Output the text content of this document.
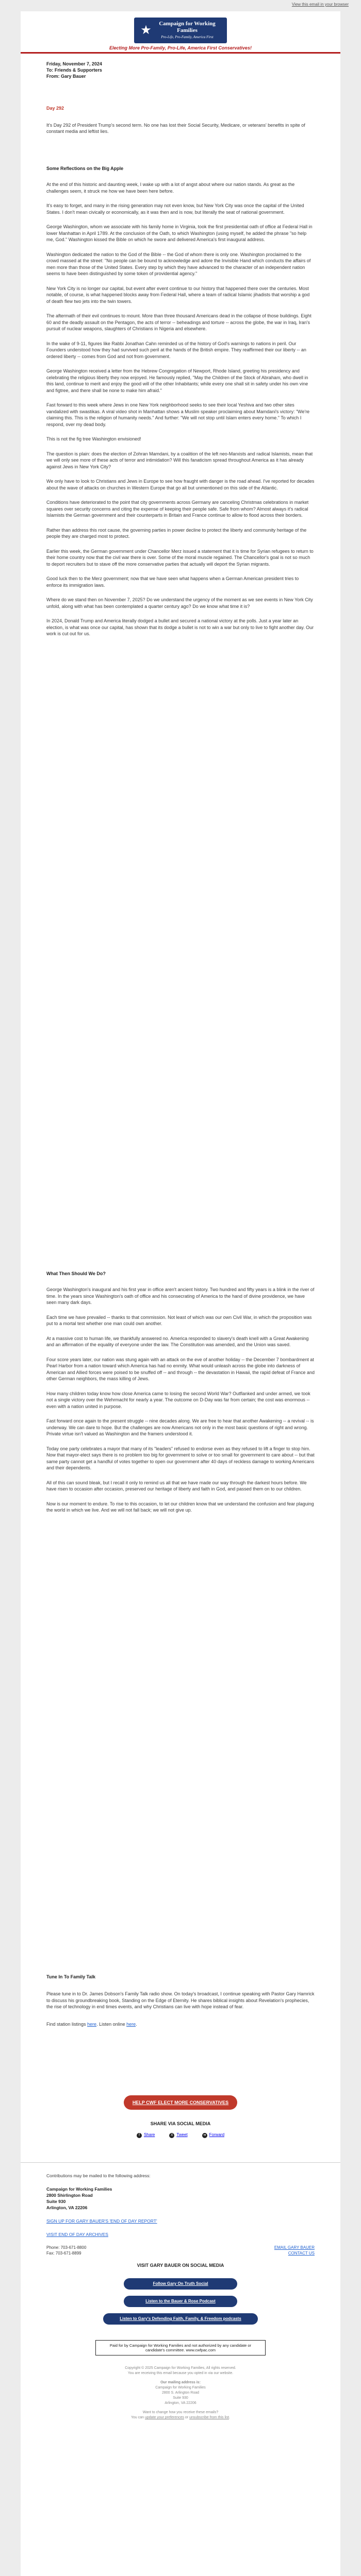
View this email in your browser
★	Campaign for Working Families
Pro-Life, Pro-Family, America First
Electing More Pro-Family, Pro-Life, America First Conservatives!

Friday, November 7, 2024

To: Friends & Supporters

From: Gary Bauer

Day 292

It's Day 292 of President Trump's second term. No one has lost their Social Security, Medicare, or veterans' benefits in spite of constant media and leftist lies.

Some Reflections on the Big Apple

At the end of this historic and daunting week, I wake up with a lot of angst about where our nation stands. As great as the challenges seem, it struck me how we have been here before.

It's easy to forget, and many in the rising generation may not even know, but New York City was once the capital of the United States. I don't mean civically or economically, as it was then and is now, but literally the seat of national government.

George Washington, whom we associate with his family home in Virginia, took the first presidential oath of office at Federal Hall in lower Manhattan in April 1789. At the conclusion of the Oath, to which Washington (using myself, he added the phrase "so help me, God." Washington kissed the Bible on which he swore and delivered America's first inaugural address.

Washington dedicated the nation to the God of the Bible -- the God of whom there is only one. Washington proclaimed to the crowd massed at the street: "No people can be bound to acknowledge and adore the Invisible Hand which conducts the affairs of men more than those of the United States. Every step by which they have advanced to the character of an independent nation seems to have been distinguished by some token of providential agency."

New York City is no longer our capital, but event after event continue to our history that happened there over the centuries. Most notable, of course, is what happened blocks away from Federal Hall, where a team of radical Islamic jihadists that worship a god of death flew two jets into the twin towers.

The aftermath of their evil continues to mount. More than three thousand Americans dead in the collapse of those buildings. Eight 60 and the deadly assault on the Pentagon, the acts of terror -- beheadings and torture -- across the globe, the war in Iraq, Iran's pursuit of nuclear weapons, slaughters of Christians in Nigeria and elsewhere.

In the wake of 9-11, figures like Rabbi Jonathan Cahn reminded us of the history of God's warnings to nations in peril. Our Founders understood how they had survived such peril at the hands of the British empire. They reaffirmed their our liberty -- an ordered liberty -- comes from God and not from government.

George Washington received a letter from the Hebrew Congregation of Newport, Rhode Island, greeting his presidency and celebrating the religious liberty they now enjoyed. He famously replied, "May the Children of the Stock of Abraham, who dwell in this land, continue to merit and enjoy the good will of the other Inhabitants; while every one shall sit in safety under his own vine and figtree, and there shall be none to make him afraid."

Fast forward to this week where Jews in one New York neighborhood seeks to see their local Yeshiva and two other sites vandalized with swastikas. A viral video shot in Manhattan shows a Muslim speaker proclaiming about Mamdani's victory: "We're claiming this. This is the religion of humanity needs." And further: "We will not stop until Islam enters every home." To which I respond, over my dead body.

This is not the fig tree Washington envisioned!

The question is plain: does the election of Zohran Mamdani, by a coalition of the left neo-Marxists and radical Islamists, mean that we will only see more of these acts of terror and intimidation? Will this fanaticism spread throughout America as it has already against Jews in New York City?

We only have to look to Christians and Jews in Europe to see how fraught with danger is the road ahead. I've reported for decades about the wave of attacks on churches in Western Europe that go all but unmentioned on this side of the Atlantic.

Conditions have deteriorated to the point that city governments across Germany are canceling Christmas celebrations in market squares over security concerns and citing the expense of keeping their people safe. Safe from whom? Almost always it's radical Islamists the German government and their counterparts in Britain and France continue to allow to flood across their borders.

Rather than address this root cause, the governing parties in power decline to protect the liberty and community heritage of the people they are charged most to protect.

Earlier this week, the German government under Chancellor Merz issued a statement that it is time for Syrian refugees to return to their home country now that the civil war there is over. Some of the moral muscle regained. The Chancellor's goal is not so much to deport recruiters but to stave off the more conservative parties that actually will deport the Syrian migrants.

Good luck then to the Merz government; now that we have seen what happens when a German American president tries to enforce its immigration laws.

Where do we stand then on November 7, 2025? Do we understand the urgency of the moment as we see events in New York City unfold, along with what has been contemplated a quarter century ago? Do we know what time it is?

In 2024, Donald Trump and America literally dodged a bullet and secured a national victory at the polls. Just a year later an election, is what was once our capital, has shown that its dodge a bullet is not to win a war but only to live to fight another day. Our work is cut out for us.

What Then Should We Do?

George Washington's inaugural and his first year in office aren't ancient history. Two hundred and fifty years is a blink in the river of time. In the years since Washington's oath of office and his consecrating of America to the hand of divine providence, we have seen many dark days.

Each time we have prevailed -- thanks to that commission. Not least of which was our own Civil War, in which the proposition was put to a mortal test whether one man could own another.

At a massive cost to human life, we thankfully answered no. America responded to slavery's death knell with a Great Awakening and an affirmation of the equality of everyone under the law. The Constitution was amended, and the Union was saved.

Four score years later, our nation was stung again with an attack on the eve of another holiday -- the December 7 bombardment at Pearl Harbor from a nation toward which America has had no enmity. What would unleash across the globe into darkness of American and Allied forces were poised to be snuffed off -- and through -- the devastation in Hawaii, the rapid defeat of France and other German neighbors, the mass killing of Jews.

How many children today know how close America came to losing the second World War? Outflanked and under armed, we took not a single victory over the Wehrmacht for nearly a year. The outcome on D-Day was far from certain; the cost was enormous -- even with a nation united in purpose.

Fast forward once again to the present struggle -- nine decades along. We are free to hear that another Awakening -- a revival -- is underway. We can dare to hope. But the challenges are now Americans not only in the most basic questions of right and wrong. Private virtue isn't valued as Washington and the framers understood it.

Today one party celebrates a mayor that many of its "leaders" refused to endorse even as they refused to lift a finger to stop him. Now that mayor-elect says there is no problem too big for government to solve or too small for government to care about -- but that same party cannot get a handful of votes together to open our government after 40 days of reckless damage to working Americans and their dependents.

All of this can sound bleak, but I recall it only to remind us all that we have made our way through the darkest hours before. We have risen to occasion after occasion, preserved our heritage of liberty and faith in God, and passed them on to our children.

Now is our moment to endure. To rise to this occasion, to let our children know that we understand the confusion and fear plaguing the world in which we live. And we will not fall back; we will not give up.

Tune In To Family Talk

Please tune in to Dr. James Dobson's Family Talk radio show. On today's broadcast, I continue speaking with Pastor Gary Hamrick to discuss his groundbreaking book, Standing on the Edge of Eternity. He shares biblical insights about Revelation's prophecies, the rise of technology in end times events, and why Christians can live with hope instead of fear.

Find station listings here. Listen online here.

HELP CWF ELECT MORE CONSERVATIVES
SHARE VIA SOCIAL MEDIA
f Share	X Tweet	➜ Forward

Contributions may be mailed to the following address:

Campaign for Working Families

2800 Shirlington Road

Suite 930

Arlington, VA 22206

SIGN UP FOR GARY BAUER'S 'END OF DAY REPORT'

VISIT END OF DAY ARCHIVES

Phone: 703-671-8800

Fax: 703-671-8899

EMAIL GARY BAUER

CONTACT US

VISIT GARY BAUER ON SOCIAL MEDIA
Follow Gary On Truth Social
Listen to the Bauer & Rose Podcast
Listen to Gary's Defending Faith, Family, & Freedom podcasts
Paid for by Campaign for Working Families and not authorized by any candidate or candidate's committee. www.cwfpac.com

Copyright © 2025 Campaign for Working Families, All rights reserved.

You are receiving this email because you opted in via our website.

Our mailing address is:

Campaign for Working Families

2800 S. Arlington Road

Suite 930

Arlington, VA 22206

Want to change how you receive these emails?

You can update your preferences or unsubscribe from this list.
